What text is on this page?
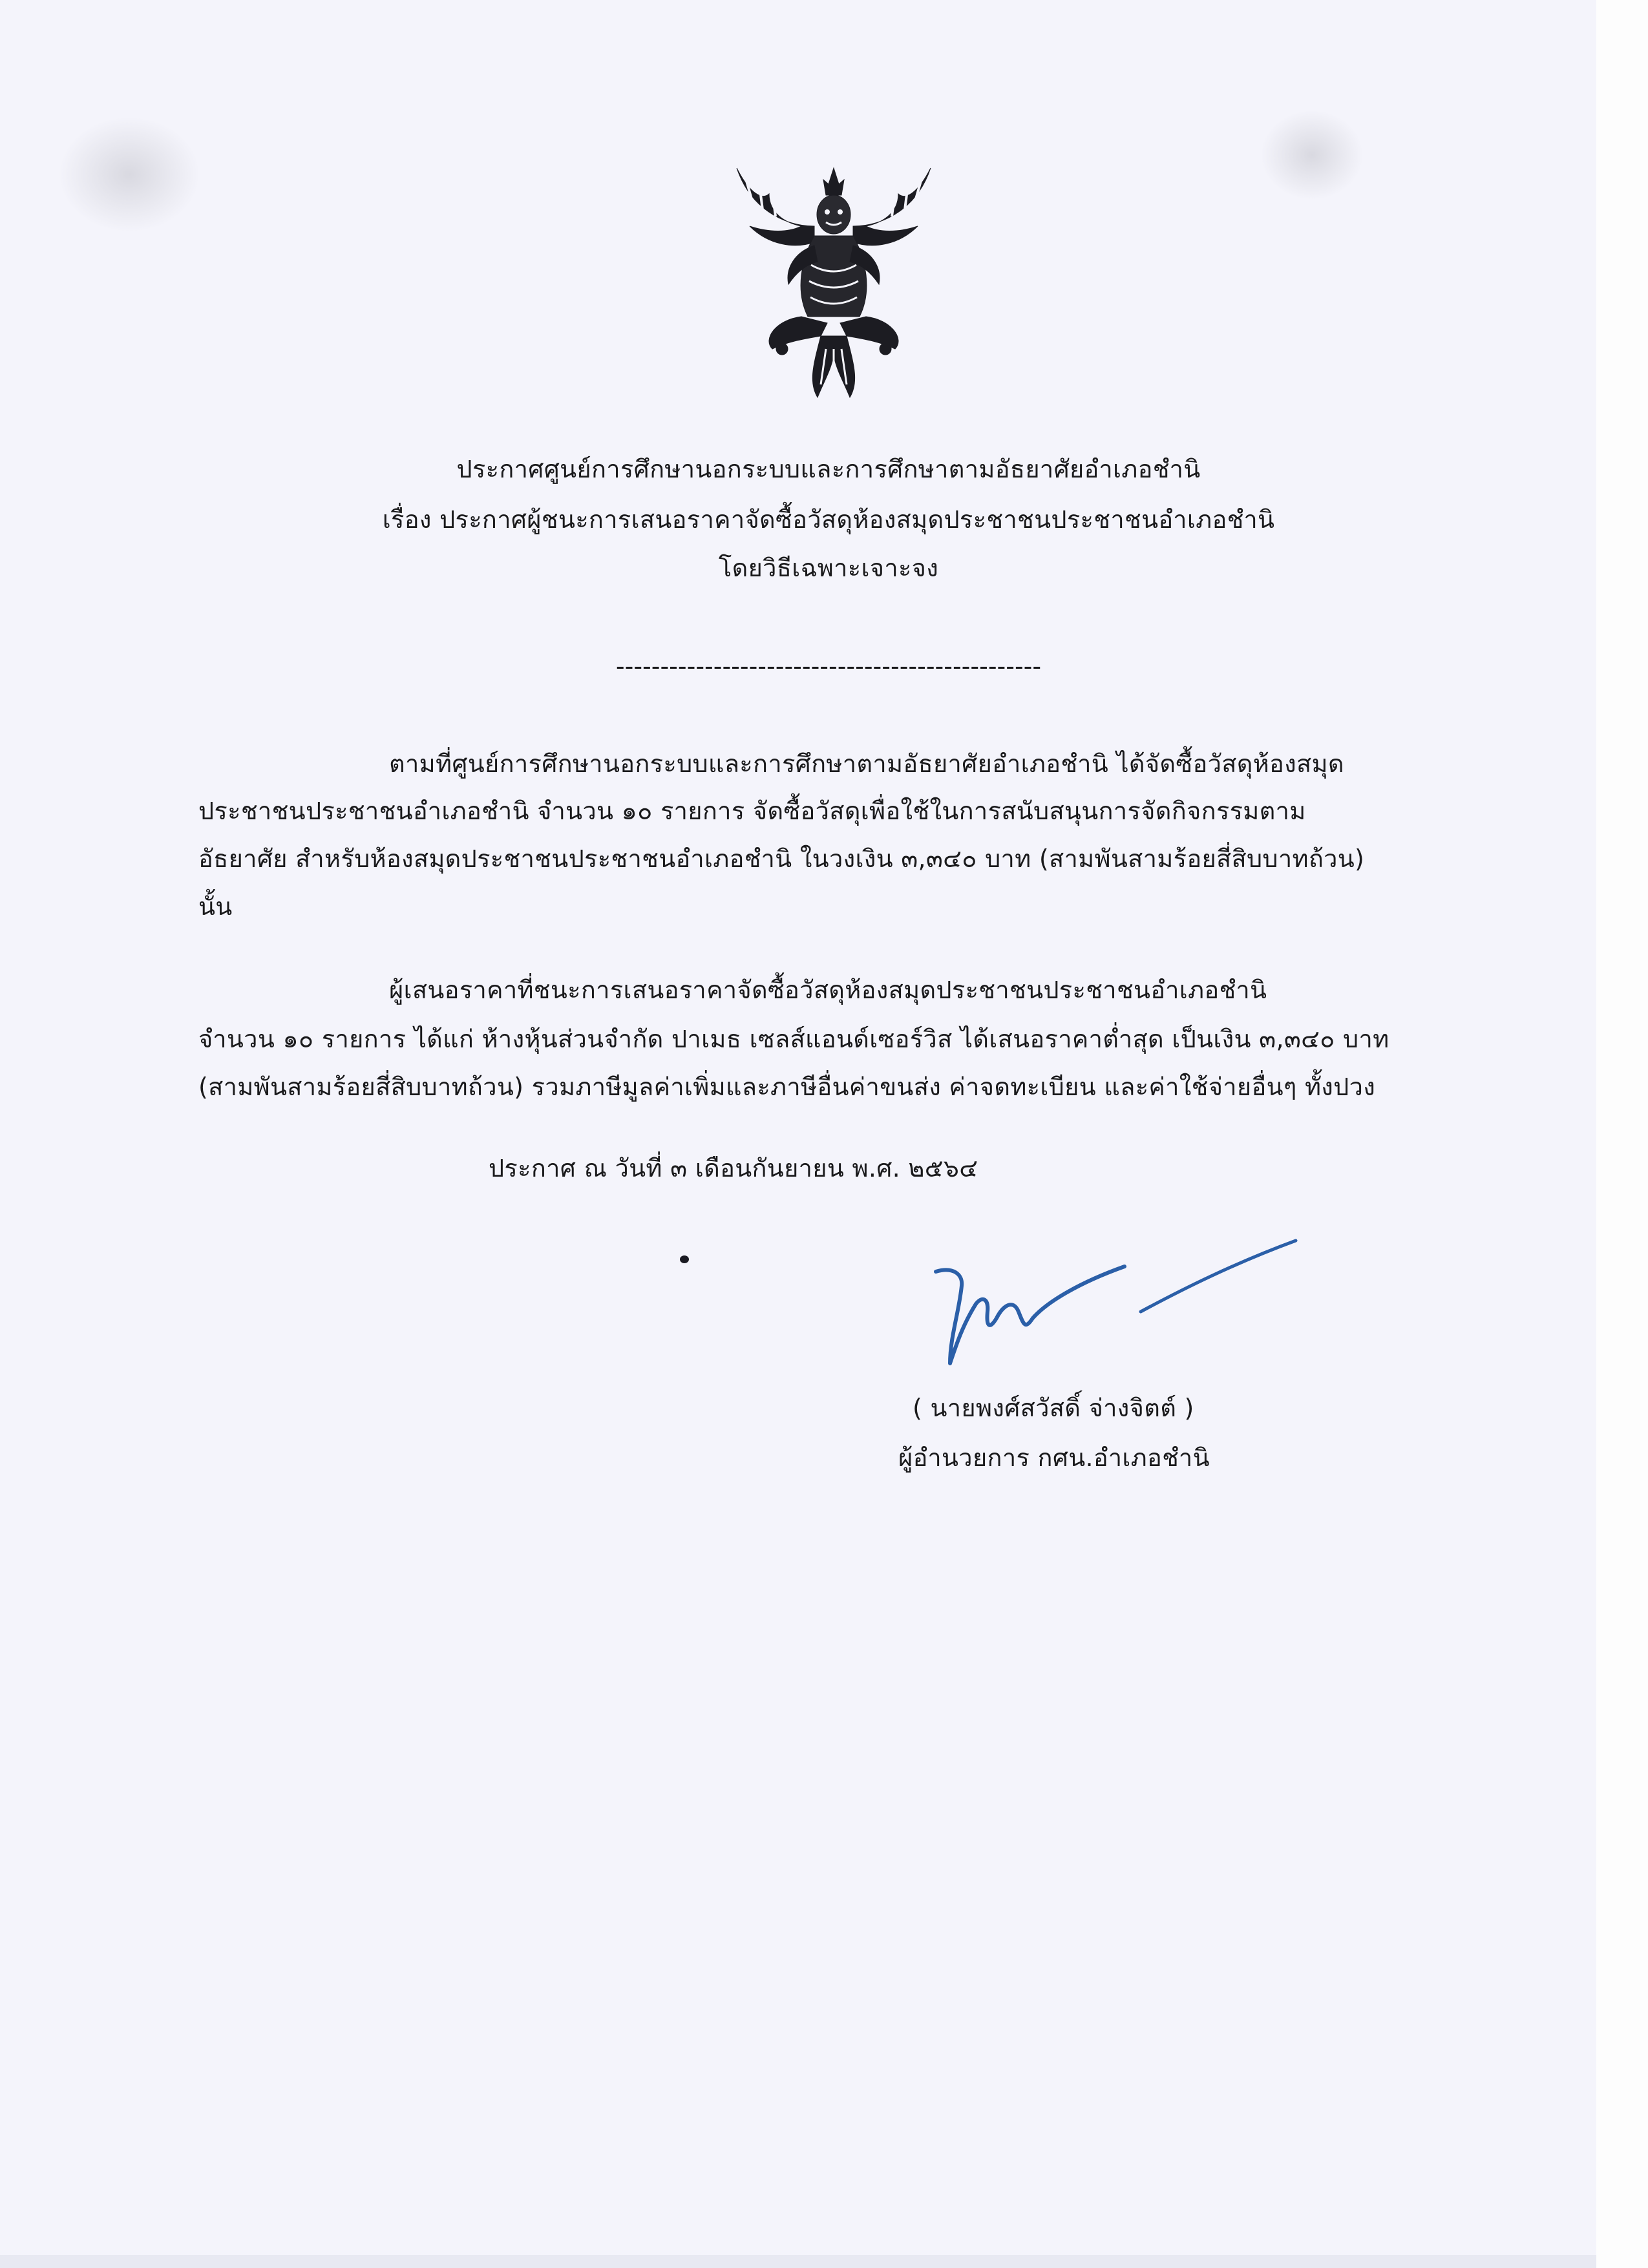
ประกาศศูนย์การศึกษานอกระบบและการศึกษาตามอัธยาศัยอำเภอชำนิ
เรื่อง ประกาศผู้ชนะการเสนอราคาจัดซื้อวัสดุห้องสมุดประชาชนประชาชนอำเภอชำนิ
โดยวิธีเฉพาะเจาะจง
------------------------------------------------
ตามที่ศูนย์การศึกษานอกระบบและการศึกษาตามอัธยาศัยอำเภอชำนิ ได้จัดซื้อวัสดุห้องสมุด
ประชาชนประชาชนอำเภอชำนิ จำนวน ๑๐ รายการ จัดซื้อวัสดุเพื่อใช้ในการสนับสนุนการจัดกิจกรรมตาม
อัธยาศัย สำหรับห้องสมุดประชาชนประชาชนอำเภอชำนิ ในวงเงิน ๓,๓๔๐ บาท (สามพันสามร้อยสี่สิบบาทถ้วน)
นั้น
ผู้เสนอราคาที่ชนะการเสนอราคาจัดซื้อวัสดุห้องสมุดประชาชนประชาชนอำเภอชำนิ
จำนวน ๑๐ รายการ ได้แก่ ห้างหุ้นส่วนจำกัด ปาเมธ เซลส์แอนด์เซอร์วิส ได้เสนอราคาต่ำสุด เป็นเงิน ๓,๓๔๐ บาท
(สามพันสามร้อยสี่สิบบาทถ้วน) รวมภาษีมูลค่าเพิ่มและภาษีอื่นค่าขนส่ง ค่าจดทะเบียน และค่าใช้จ่ายอื่นๆ ทั้งปวง
ประกาศ ณ วันที่ ๓ เดือนกันยายน พ.ศ. ๒๕๖๔
( นายพงศ์สวัสดิ์ จ่างจิตต์ )
ผู้อำนวยการ กศน.อำเภอชำนิ
